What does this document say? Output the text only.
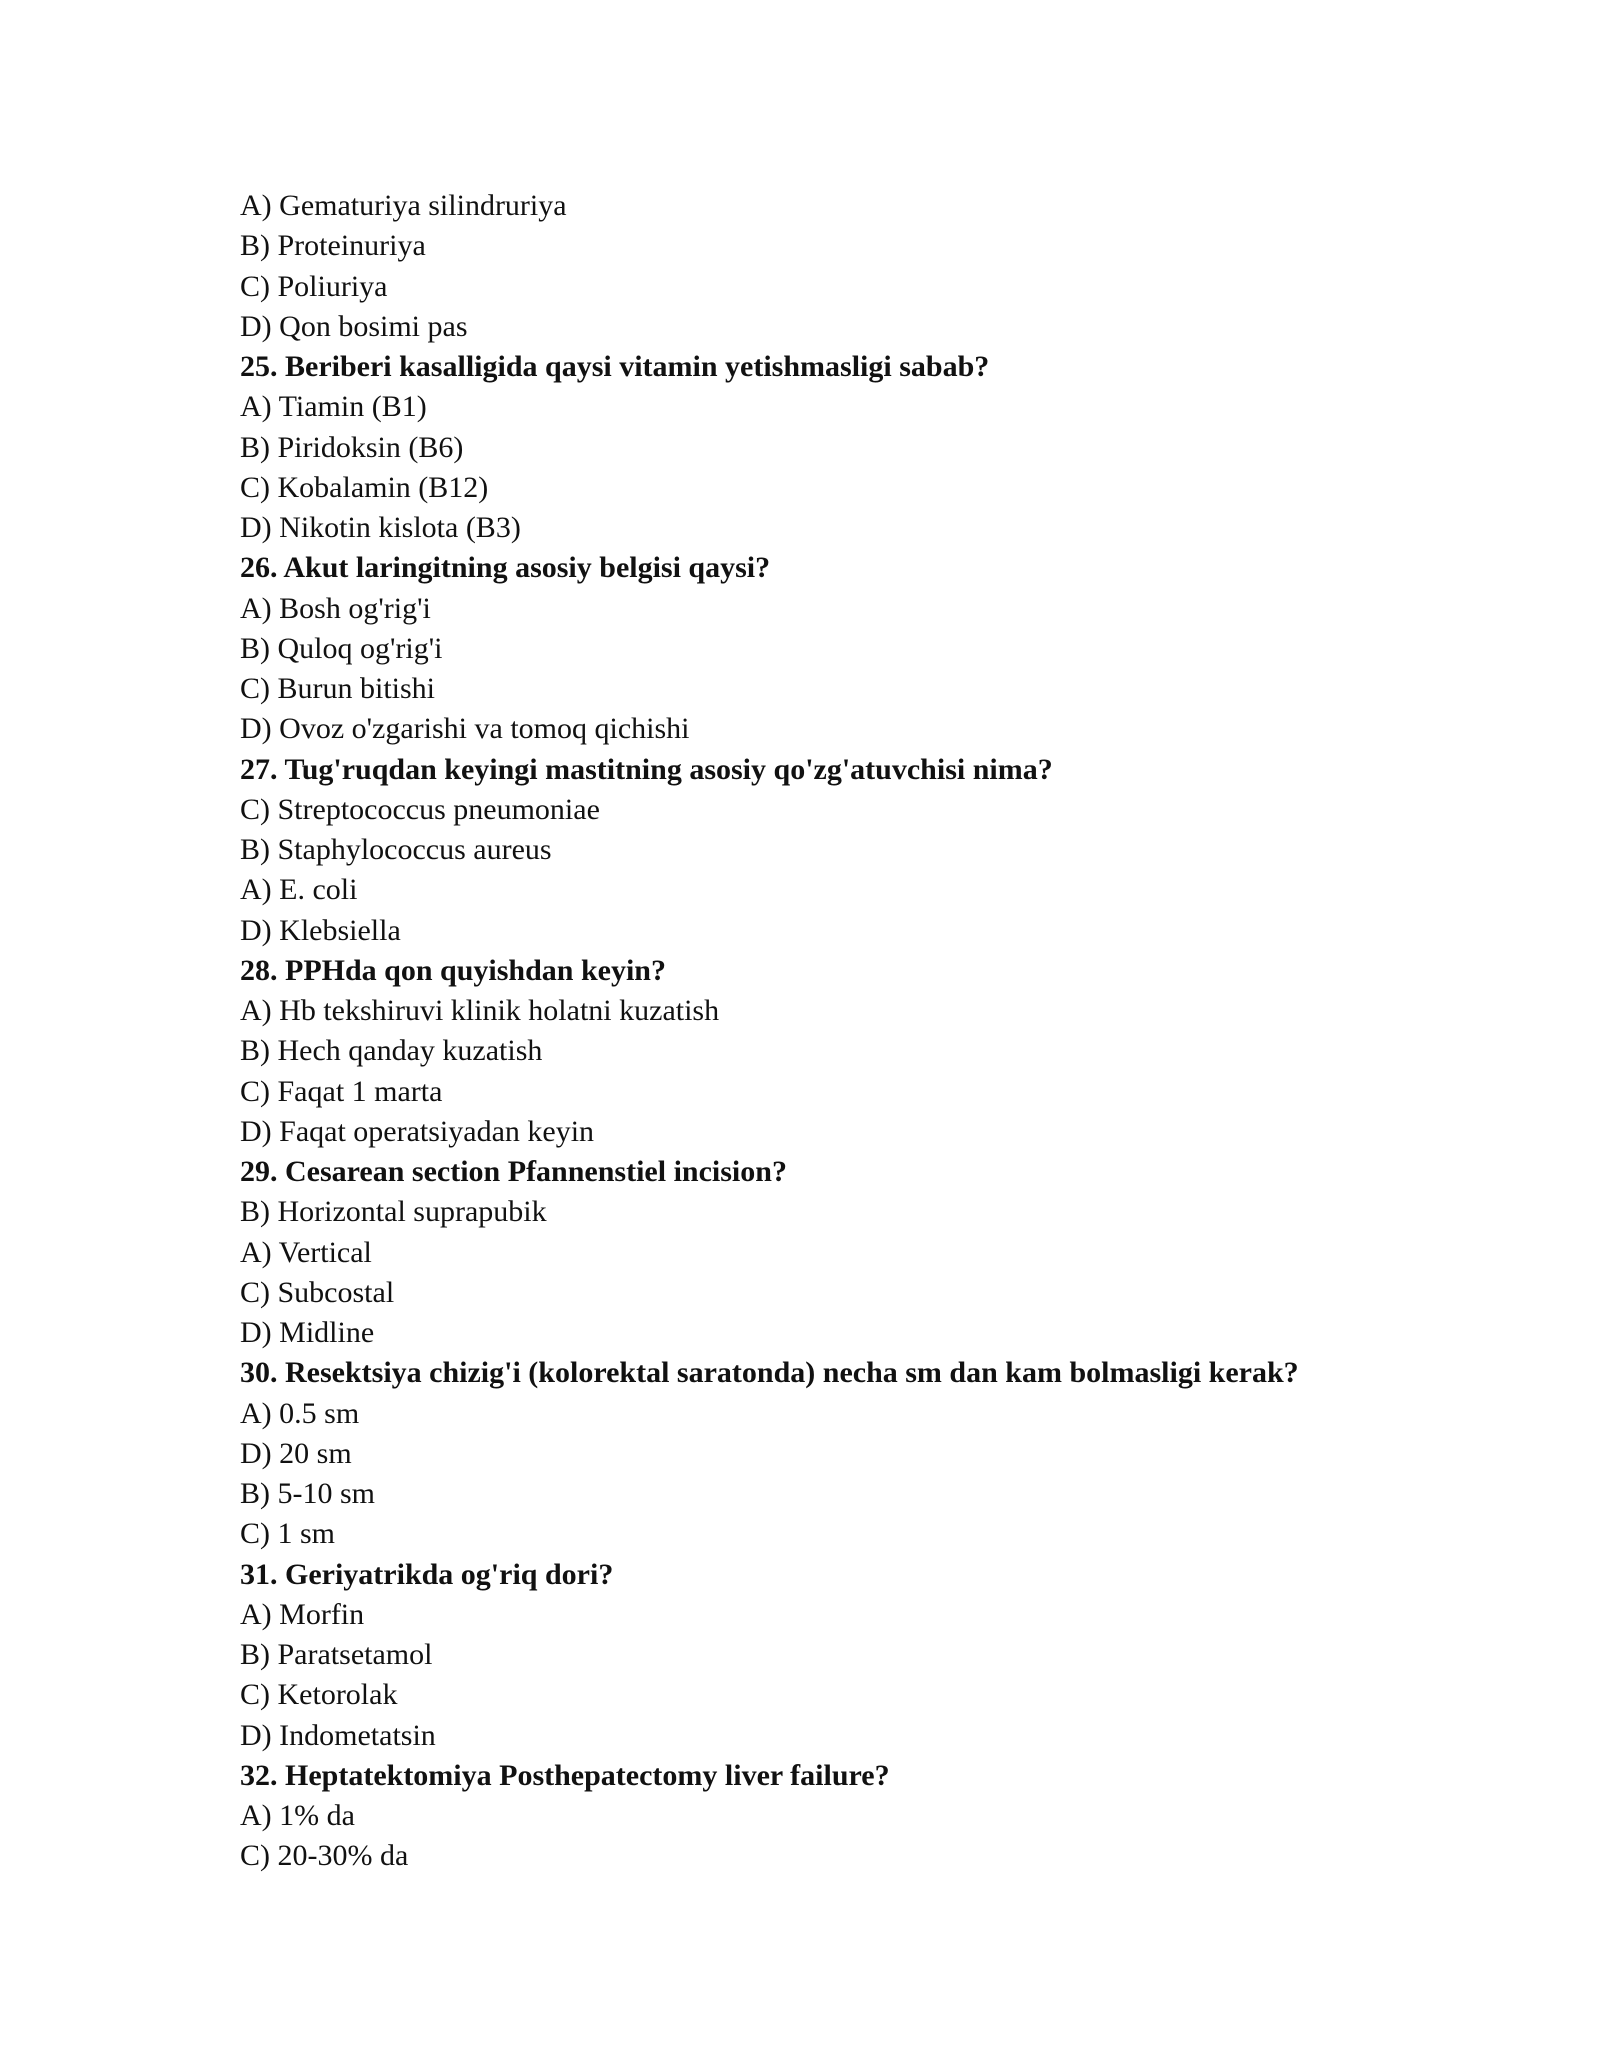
A) Gematuriya silindruriya

B) Proteinuriya

C) Poliuriya

D) Qon bosimi pas

25. Beriberi kasalligida qaysi vitamin yetishmasligi sabab?

A) Tiamin (B1)

B) Piridoksin (B6)

C) Kobalamin (B12)

D) Nikotin kislota (B3)

26. Akut laringitning asosiy belgisi qaysi?

A) Bosh og'rig'i

B) Quloq og'rig'i

C) Burun bitishi

D) Ovoz o'zgarishi va tomoq qichishi

27. Tug'ruqdan keyingi mastitning asosiy qo'zg'atuvchisi nima?

C) Streptococcus pneumoniae

B) Staphylococcus aureus

A) E. coli

D) Klebsiella

28. PPHda qon quyishdan keyin?

A) Hb tekshiruvi klinik holatni kuzatish

B) Hech qanday kuzatish

C) Faqat 1 marta

D) Faqat operatsiyadan keyin

29. Cesarean section Pfannenstiel incision?

B) Horizontal suprapubik

A) Vertical

C) Subcostal

D) Midline

30. Resektsiya chizig'i (kolorektal saratonda) necha sm dan kam bolmasligi kerak?

A) 0.5 sm

D) 20 sm

B) 5-10 sm

C) 1 sm

31. Geriyatrikda og'riq dori?

A) Morfin

B) Paratsetamol

C) Ketorolak

D) Indometatsin

32. Heptatektomiya Posthepatectomy liver failure?

A) 1% da

C) 20-30% da
